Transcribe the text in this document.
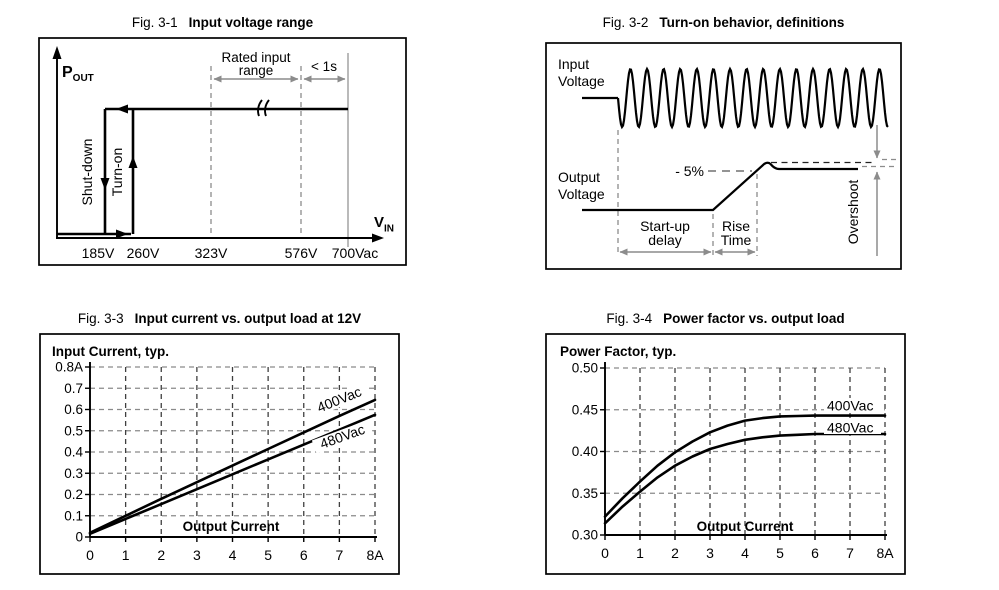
Fig. 3-1 Input voltage range	Fig. 3-2 Turn-on behavior, definitions
Fig. 3-3 Input current vs. output load at 12V	Fig. 3-4 Power factor vs. output load
Rated input
range	< 1s
$P_{OUT}$
$V_{IN}$
Shut-down Turn-on
185V 260V	323V	576V 700Vac
Input
Voltage
Output
Voltage
- 5%
Overshoot
Start-up
delay
Rise
Time
0.8A
0.7
0.6
0.5
0.4
0.3
0.2
0.1
0
0 1 2 3 4 5 6 7 8A
Input Current, typ.
Output Current
400Vac
480Vac
0.50
0.45
0.40
0.35
0.30
0 1 2 3 4 5 6 7 8A
Power Factor, typ.
Output Current
400Vac
480Vac
